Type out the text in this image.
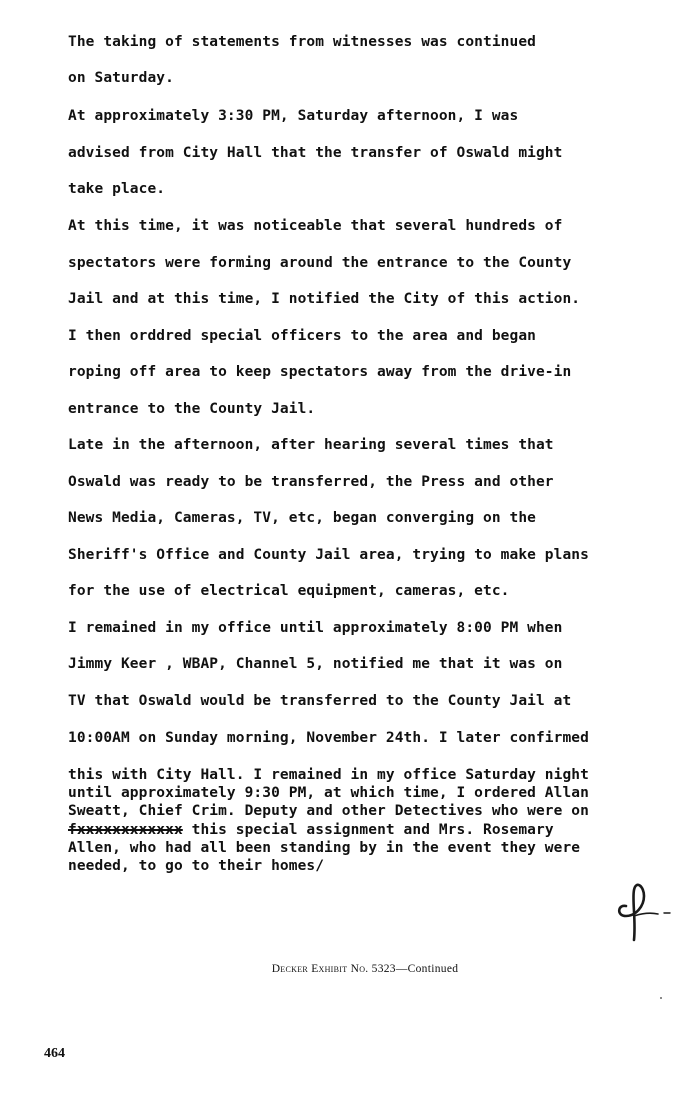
The taking of statements from witnesses was continued
on Saturday.
At approximately 3:30 PM, Saturday afternoon, I was
advised from City Hall that the transfer of Oswald might
take place.
At this time, it was noticeable that several hundreds of
spectators were forming around the entrance to the County
Jail and at this time, I notified the City of this action.
I then orddred special officers to the area and began
roping off area to keep spectators away from the drive-in
entrance to the County Jail.
Late in the afternoon, after hearing several times that
Oswald was ready to be transferred, the Press and other
News Media, Cameras, TV, etc, began converging on the
Sheriff's Office and County Jail area, trying to make plans
for the use of electrical equipment, cameras, etc.
I remained in my office until approximately 8:00 PM when
Jimmy Keer , WBAP, Channel 5, notified me that it was on
TV that Oswald would be transferred to the County Jail at
10:00AM on Sunday morning, November 24th. I later confirmed
this with City Hall. I remained in my office Saturday night
until approximately 9:30 PM, at which time, I ordered Allan
Sweatt, Chief Crim. Deputy and other Detectives who were on
fxxxxxxxxxxxx this special assignment and Mrs. Rosemary
Allen, who had all been standing by in the event they were
needed, to go to their homes/
Decker Exhibit No. 5323—Continued
464
